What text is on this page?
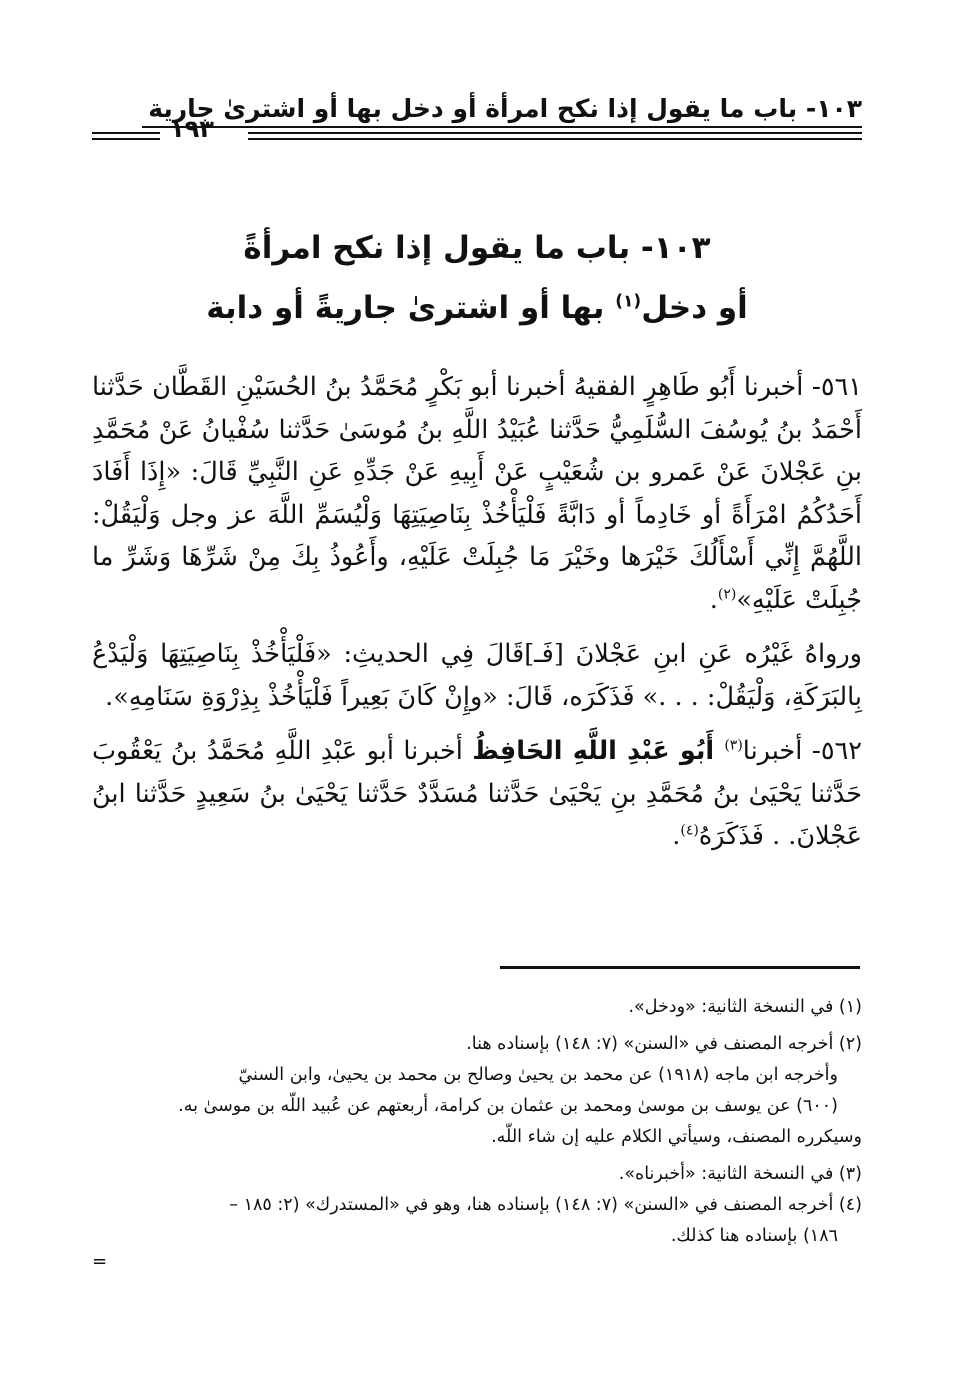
١٠٣- باب ما يقول إذا نكح امرأة أو دخل بها أو اشترىٰ جارية
١٩٣
١٠٣- باب ما يقول إذا نكح امرأةً
أو دخل$^{(١)}$ بها أو اشترىٰ جاريةً أو دابة

٥٦١- أخبرنا أَبُو طَاهِرٍ الفقيهُ أخبرنا أبو بَكْرٍ مُحَمَّدُ بنُ الحُسَيْنِ القَطَّان حَدَّثنا أَحْمَدُ بنُ يُوسُفَ السُّلَمِيُّ حَدَّثنا عُبَيْدُ اللَّهِ بنُ مُوسَىٰ حَدَّثنا سُفْيانُ عَنْ مُحَمَّدِ بنِ عَجْلانَ عَنْ عَمرو بن شُعَيْبٍ عَنْ أَبِيهِ عَنْ جَدِّهِ عَنِ النَّبِيِّ قَالَ: «إِذَا أَفَادَ أَحَدُكُمُ امْرَأَةً أو خَادِماً أو دَابَّةً فَلْيَأْخُذْ بِنَاصِيَتِهَا وَلْيُسَمِّ اللَّهَ عز وجل وَلْيَقُلْ: اللَّهُمَّ إِنِّي أَسْأَلُكَ خَيْرَها وخَيْرَ مَا جُبِلَتْ عَلَيْهِ، وأَعُوذُ بِكَ مِنْ شَرِّهَا وَشَرِّ ما جُبِلَتْ عَلَيْهِ»$^{(٢)}$.

ورواهُ غَيْرُه عَنِ ابنِ عَجْلانَ [فَـ]قَالَ فِي الحديثِ: «فَلْيَأْخُذْ بِنَاصِيَتِهَا وَلْيَدْعُ بِالبَرَكَةِ، وَلْيَقُلْ: . . .» فَذَكَرَه، قَالَ: «وإِنْ كَانَ بَعِيراً فَلْيَأْخُذْ بِذِرْوَةِ سَنَامِهِ».

٥٦٢- أخبرنا$^{(٣)}$ أَبُو عَبْدِ اللَّهِ الحَافِظُ أخبرنا أبو عَبْدِ اللَّهِ مُحَمَّدُ بنُ يَعْقُوبَ حَدَّثنا يَحْيَىٰ بنُ مُحَمَّدِ بنِ يَحْيَىٰ حَدَّثنا مُسَدَّدٌ حَدَّثنا يَحْيَىٰ بنُ سَعِيدٍ حَدَّثنا ابنُ عَجْلانَ. . فَذَكَرَهُ$^{(٤)}$.

(١) في النسخة الثانية: «ودخل».

(٢) أخرجه المصنف في «السنن» (٧: ١٤٨) بإسناده هنا.

وأخرجه ابن ماجه (١٩١٨) عن محمد بن يحيىٰ وصالح بن محمد بن يحيىٰ، وابن السنيّ

(٦٠٠) عن يوسف بن موسىٰ ومحمد بن عثمان بن كرامة، أربعتهم عن عُبيد اللّه بن موسىٰ به.

وسيكرره المصنف، وسيأتي الكلام عليه إن شاء اللّه.

(٣) في النسخة الثانية: «أخبرناه».

(٤) أخرجه المصنف في «السنن» (٧: ١٤٨) بإسناده هنا، وهو في «المستدرك» (٢: ١٨٥ –

١٨٦) بإسناده هنا كذلك.

=
